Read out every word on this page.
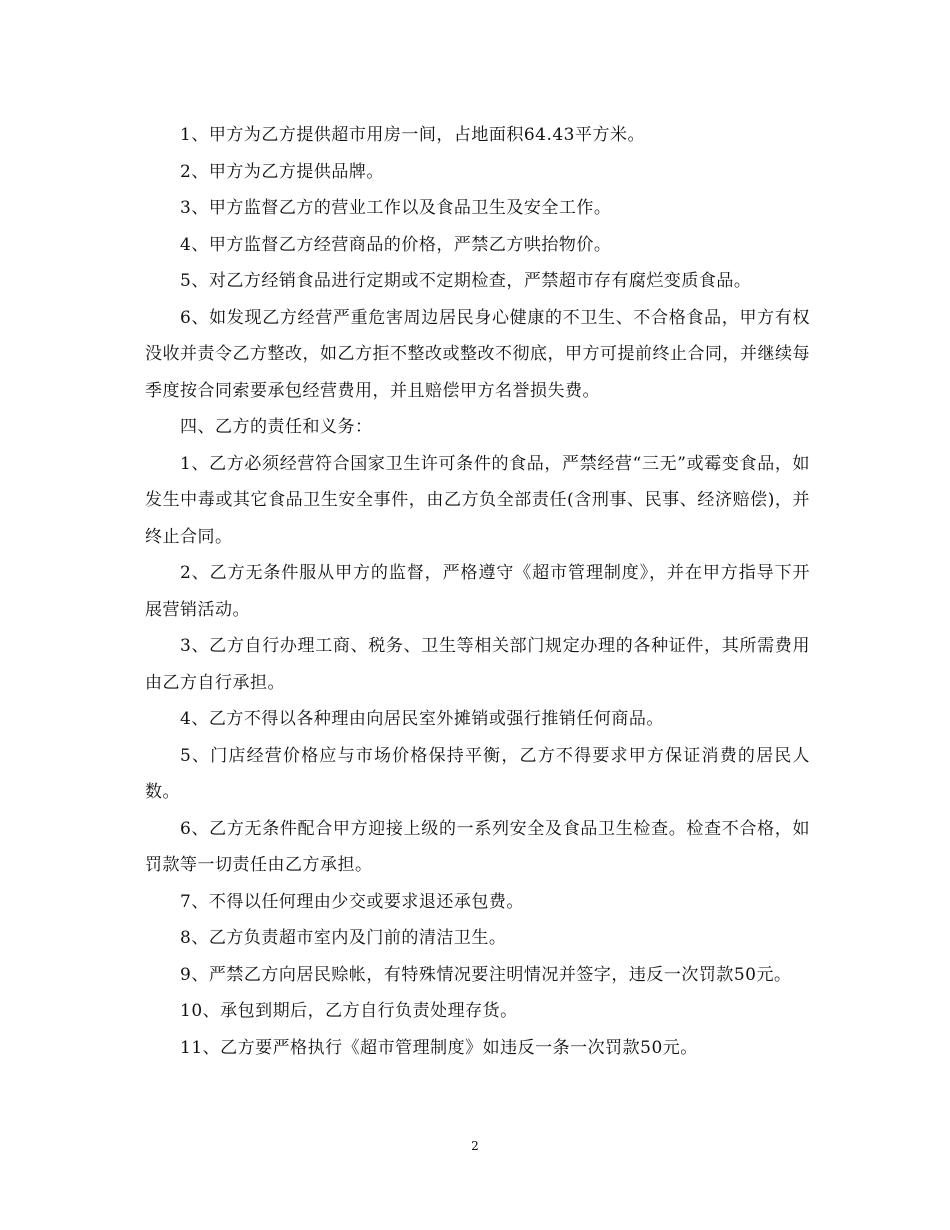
1、甲方为乙方提供超市用房一间，占地面积64.43平方米。

2、甲方为乙方提供品牌。

3、甲方监督乙方的营业工作以及食品卫生及安全工作。

4、甲方监督乙方经营商品的价格，严禁乙方哄抬物价。

5、对乙方经销食品进行定期或不定期检查，严禁超市存有腐烂变质食品。

6、如发现乙方经营严重危害周边居民身心健康的不卫生、不合格食品，甲方有权没收并责令乙方整改，如乙方拒不整改或整改不彻底，甲方可提前终止合同，并继续每季度按合同索要承包经营费用，并且赔偿甲方名誉损失费。

四、乙方的责任和义务：

1、乙方必须经营符合国家卫生许可条件的食品，严禁经营“三无”或霉变食品，如发生中毒或其它食品卫生安全事件，由乙方负全部责任(含刑事、民事、经济赔偿)，并终止合同。

2、乙方无条件服从甲方的监督，严格遵守《超市管理制度》，并在甲方指导下开展营销活动。

3、乙方自行办理工商、税务、卫生等相关部门规定办理的各种证件，其所需费用由乙方自行承担。

4、乙方不得以各种理由向居民室外摊销或强行推销任何商品。

5、门店经营价格应与市场价格保持平衡，乙方不得要求甲方保证消费的居民人数。

6、乙方无条件配合甲方迎接上级的一系列安全及食品卫生检查。检查不合格，如罚款等一切责任由乙方承担。

7、不得以任何理由少交或要求退还承包费。

8、乙方负责超市室内及门前的清洁卫生。

9、严禁乙方向居民赊帐，有特殊情况要注明情况并签字，违反一次罚款50元。

10、承包到期后，乙方自行负责处理存货。

11、乙方要严格执行《超市管理制度》如违反一条一次罚款50元。

2
